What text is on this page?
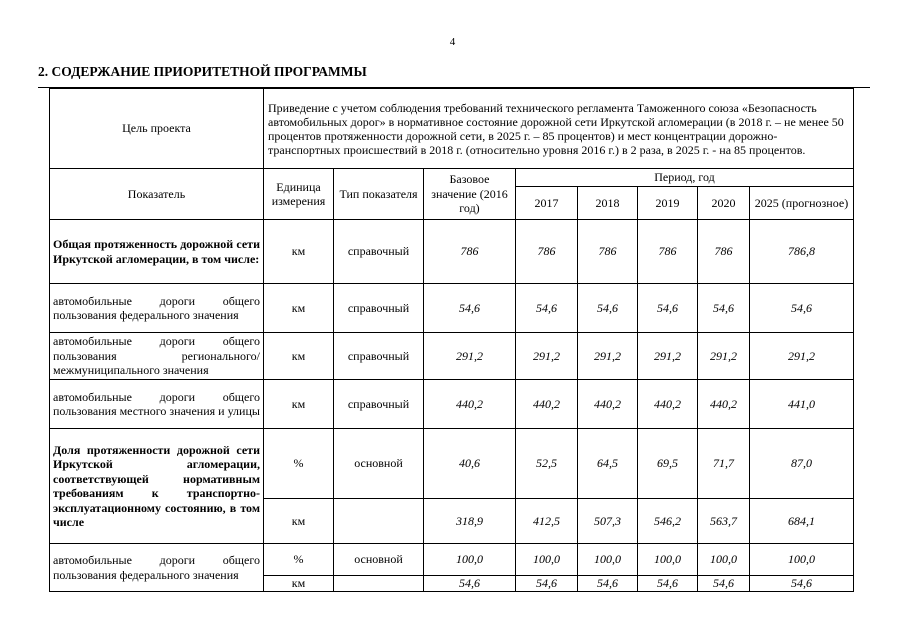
4
2. СОДЕРЖАНИЕ ПРИОРИТЕТНОЙ ПРОГРАММЫ
Цель проекта	Приведение с учетом соблюдения требований технического регламента Таможенного союза «Безопасность автомобильных дорог» в нормативное состояние дорожной сети Иркутской агломерации (в 2018 г. – не менее 50 процентов протяженности дорожной сети, в 2025 г. – 85 процентов) и мест концентрации дорожно-транспортных происшествий в 2018 г. (относительно уровня 2016 г.) в 2 раза, в 2025 г. - на 85 процентов.							
Показатель	Единица измерения	Тип показателя	Базовое значение (2016 год)	Период, год				
				2017	2018	2019	2020	2025 (прогнозное)
Общая протяженность дорожной сети Иркутской агломерации, в том числе:	км	справочный	786	786	786	786	786	786,8
автомобильные дороги общего пользования федерального значения	км	справочный	54,6	54,6	54,6	54,6	54,6	54,6
автомобильные дороги общего пользования регионального/ межмуниципального значения	км	справочный	291,2	291,2	291,2	291,2	291,2	291,2
автомобильные дороги общего пользования местного значения и улицы	км	справочный	440,2	440,2	440,2	440,2	440,2	441,0
Доля протяженности дорожной сети Иркутской агломерации, соответствующей нормативным требованиям к транспортно-эксплуатационному состоянию, в том числе	%	основной	40,6	52,5	64,5	69,5	71,7	87,0
	км		318,9	412,5	507,3	546,2	563,7	684,1
автомобильные дороги общего пользования федерального значения	%	основной	100,0	100,0	100,0	100,0	100,0	100,0
	км		54,6	54,6	54,6	54,6	54,6	54,6
